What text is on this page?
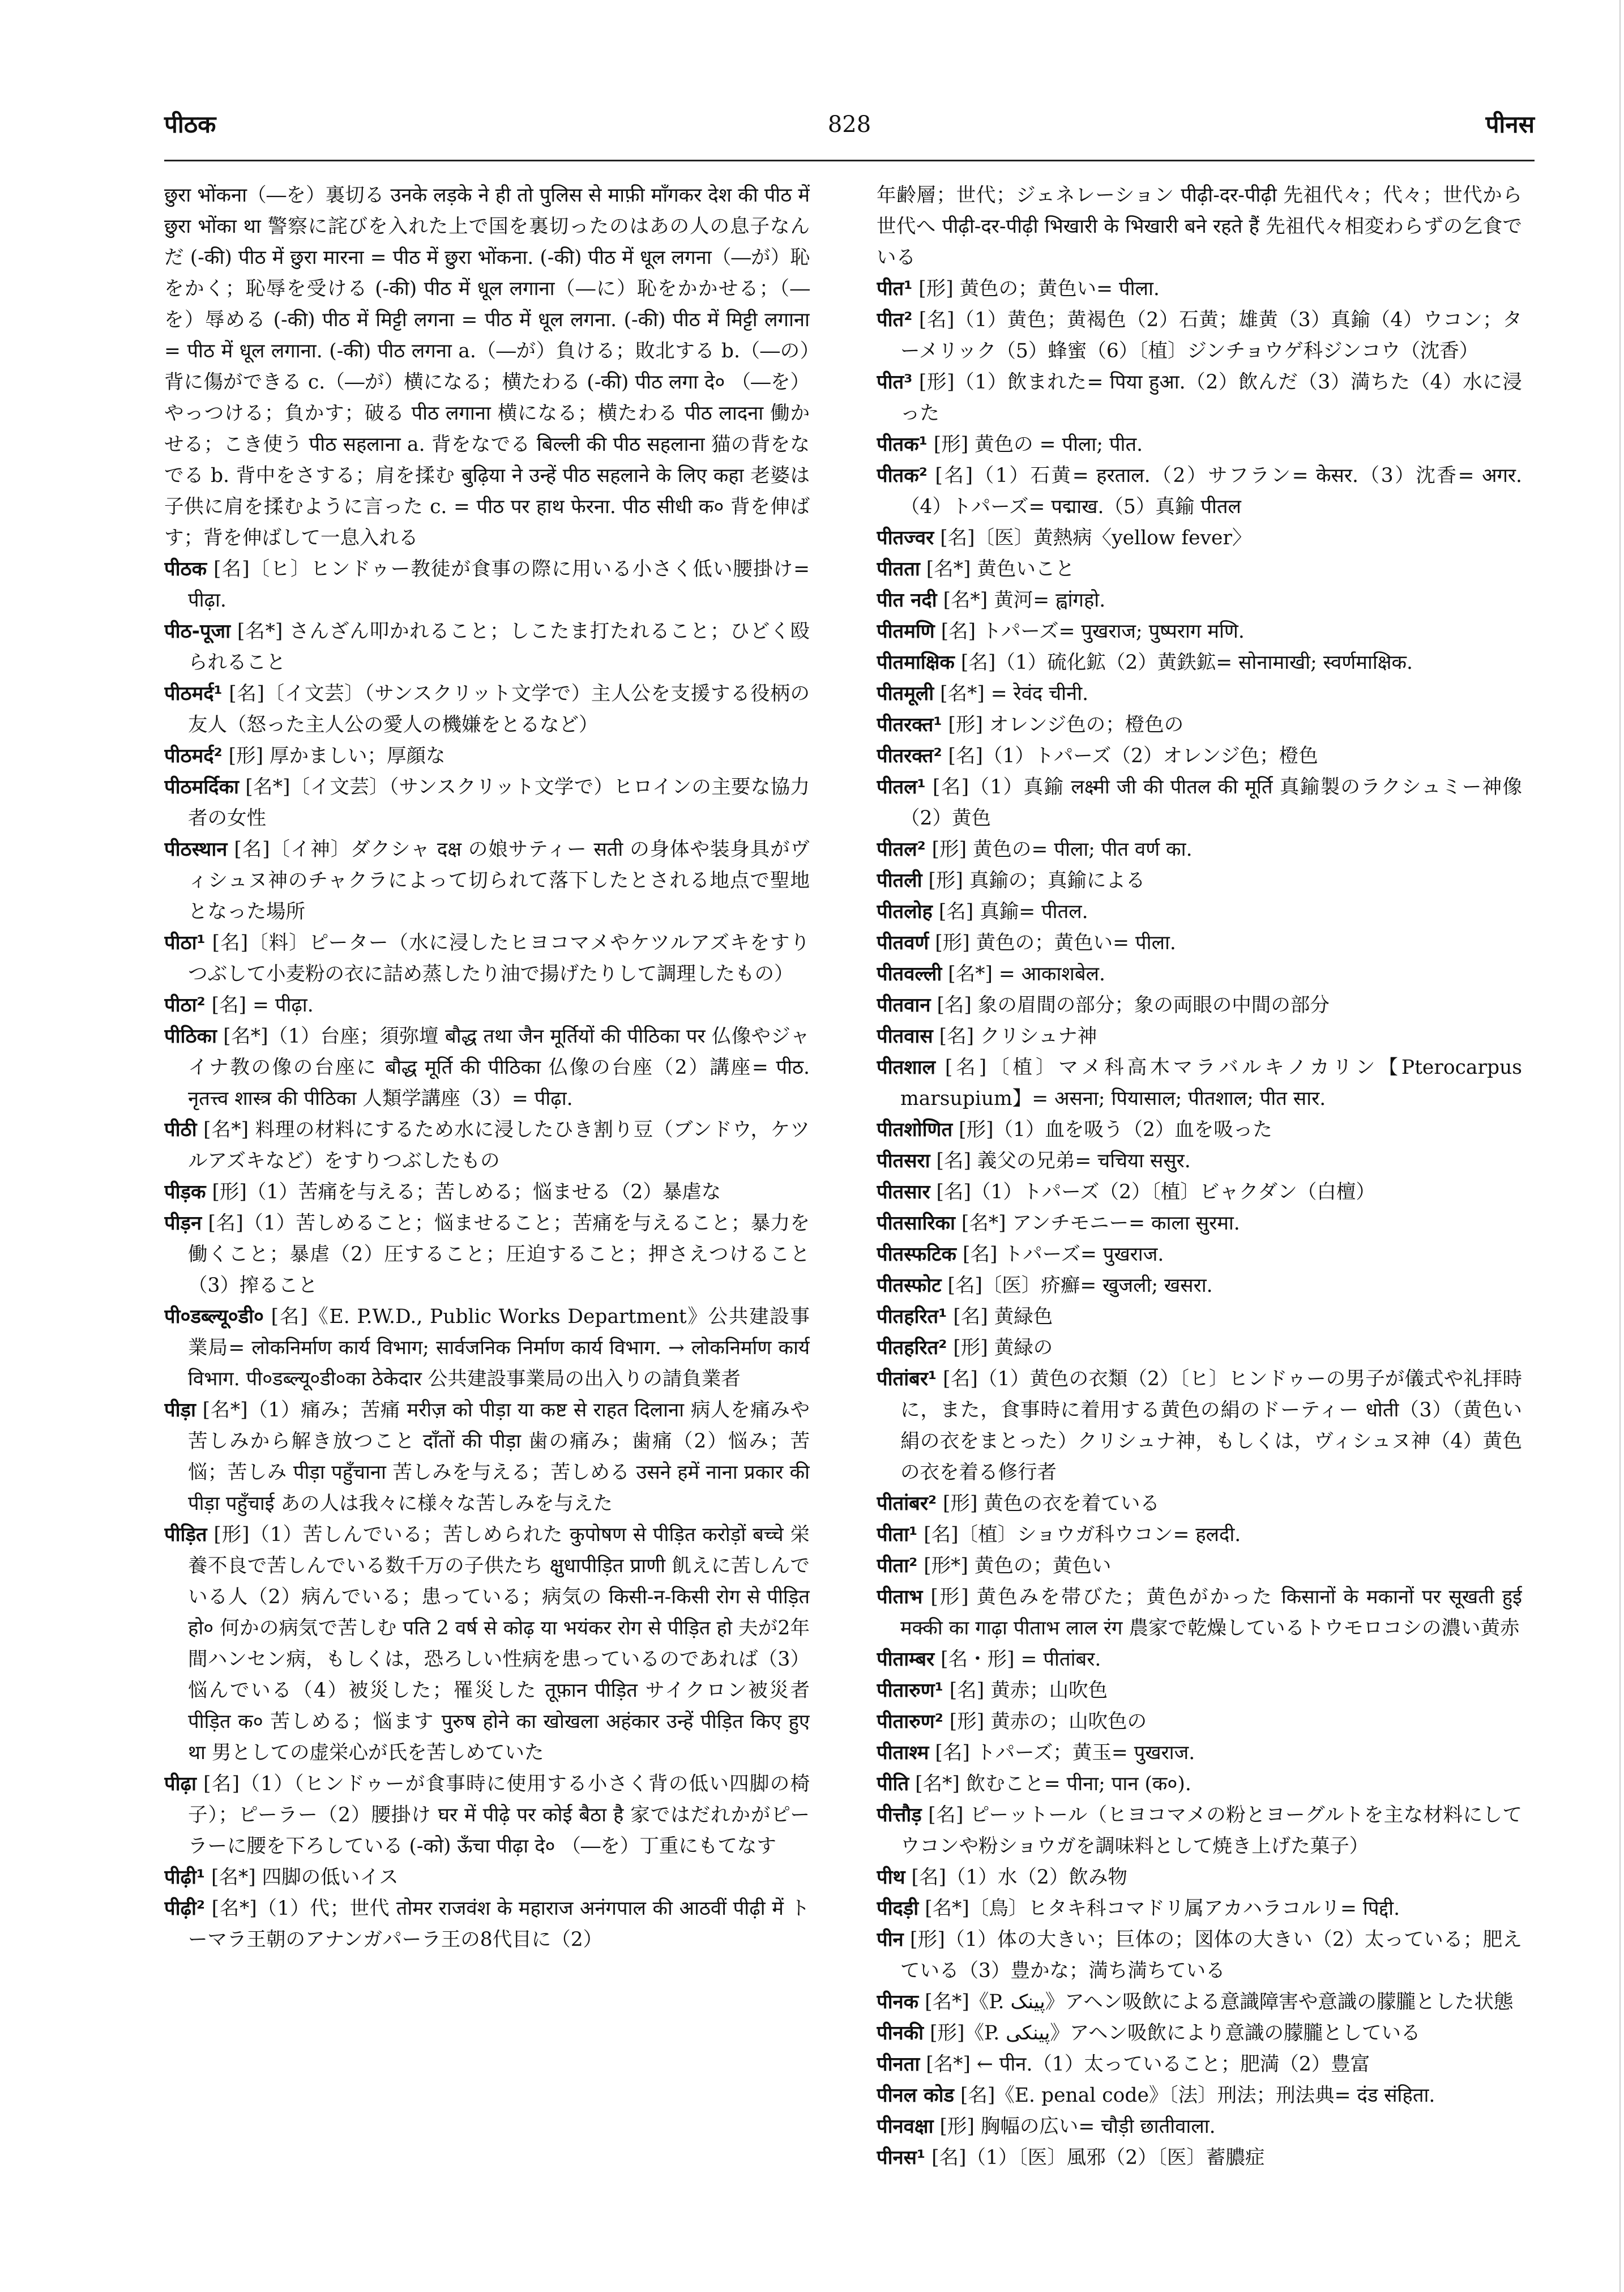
पीठक	828	पीनस

छुरा भोंकना（―を）裏切る उनके लड़के ने ही तो पुलिस से माफ़ी माँगकर देश की पीठ में छुरा भोंका था 警察に詫びを入れた上で国を裏切ったのはあの人の息子なんだ (-की) पीठ में छुरा मारना = पीठ में छुरा भोंकना. (-की) पीठ में धूल लगना（―が）恥をかく；恥辱を受ける (-की) पीठ में धूल लगाना（―に）恥をかかせる；（―を）辱める (-की) पीठ में मिट्टी लगना = पीठ में धूल लगना. (-की) पीठ में मिट्टी लगाना = पीठ में धूल लगाना. (-की) पीठ लगना a.（―が）負ける；敗北する b.（―の）背に傷ができる c.（―が）横になる；横たわる (-की) पीठ लगा दे० （―を）やっつける；負かす；破る पीठ लगाना 横になる；横たわる पीठ लादना 働かせる；こき使う पीठ सहलाना a. 背をなでる बिल्ली की पीठ सहलाना 猫の背をなでる b. 背中をさする；肩を揉む बुढ़िया ने उन्हें पीठ सहलाने के लिए कहा 老婆は子供に肩を揉むように言った c. = पीठ पर हाथ फेरना. पीठ सीधी क० 背を伸ばす；背を伸ばして一息入れる

पीठक [名]〔ヒ〕ヒンドゥー教徒が食事の際に用いる小さく低い腰掛け= पीढ़ा.

पीठ-पूजा [名*] さんざん叩かれること；しこたま打たれること；ひどく殴られること

पीठमर्द¹ [名]〔イ文芸〕（サンスクリット文学で）主人公を支援する役柄の友人（怒った主人公の愛人の機嫌をとるなど）

पीठमर्द² [形] 厚かましい；厚顔な

पीठमर्दिका [名*]〔イ文芸〕（サンスクリット文学で）ヒロインの主要な協力者の女性

पीठस्थान [名]〔イ神〕ダクシャ दक्ष の娘サティー सती の身体や装身具がヴィシュヌ神のチャクラによって切られて落下したとされる地点で聖地となった場所

पीठा¹ [名]〔料〕ピーター（水に浸したヒヨコマメやケツルアズキをすりつぶして小麦粉の衣に詰め蒸したり油で揚げたりして調理したもの）

पीठा² [名] = पीढ़ा.

पीठिका [名*]（1）台座；須弥壇 बौद्ध तथा जैन मूर्तियों की पीठिका पर 仏像やジャイナ教の像の台座に बौद्ध मूर्ति की पीठिका 仏像の台座（2）講座= पीठ. नृतत्त्व शास्त्र की पीठिका 人類学講座（3）= पीढ़ा.

पीठी [名*] 料理の材料にするため水に浸したひき割り豆（ブンドウ，ケツルアズキなど）をすりつぶしたもの

पीड़क [形]（1）苦痛を与える；苦しめる；悩ませる（2）暴虐な

पीड़न [名]（1）苦しめること；悩ませること；苦痛を与えること；暴力を働くこと；暴虐（2）圧すること；圧迫すること；押さえつけること（3）搾ること

पी०डब्ल्यू०डी० [名]《E. P.W.D., Public Works Department》公共建設事業局= लोकनिर्माण कार्य विभाग; सार्वजनिक निर्माण कार्य विभाग. → लोकनिर्माण कार्य विभाग. पी०डब्ल्यू०डी०का ठेकेदार 公共建設事業局の出入りの請負業者

पीड़ा [名*]（1）痛み；苦痛 मरीज़ को पीड़ा या कष्ट से राहत दिलाना 病人を痛みや苦しみから解き放つこと दाँतों की पीड़ा 歯の痛み；歯痛（2）悩み；苦悩；苦しみ पीड़ा पहुँचाना 苦しみを与える；苦しめる उसने हमें नाना प्रकार की पीड़ा पहुँचाई あの人は我々に様々な苦しみを与えた

पीड़ित [形]（1）苦しんでいる；苦しめられた कुपोषण से पीड़ित करोड़ों बच्चे 栄養不良で苦しんでいる数千万の子供たち क्षुधापीड़ित प्राणी 飢えに苦しんでいる人（2）病んでいる；患っている；病気の किसी-न-किसी रोग से पीड़ित हो० 何かの病気で苦しむ पति 2 वर्ष से कोढ़ या भयंकर रोग से पीड़ित हो 夫が2年間ハンセン病，もしくは，恐ろしい性病を患っているのであれば（3）悩んでいる（4）被災した；罹災した तूफ़ान पीड़ित サイクロン被災者 पीड़ित क० 苦しめる；悩ます पुरुष होने का खोखला अहंकार उन्हें पीड़ित किए हुए था 男としての虚栄心が氏を苦しめていた

पीढ़ा [名]（1）（ヒンドゥーが食事時に使用する小さく背の低い四脚の椅子）；ピーラー（2）腰掛け घर में पीढ़े पर कोई बैठा है 家ではだれかがピーラーに腰を下ろしている (-को) ऊँचा पीढ़ा दे० （―を）丁重にもてなす

पीढ़ी¹ [名*] 四脚の低いイス

पीढ़ी² [名*]（1）代；世代 तोमर राजवंश के महाराज अनंगपाल की आठवीं पीढ़ी में トーマラ王朝のアナンガパーラ王の8代目に（2）

年齢層；世代；ジェネレーション पीढ़ी-दर-पीढ़ी 先祖代々；代々；世代から世代へ पीढ़ी-दर-पीढ़ी भिखारी के भिखारी बने रहते हैं 先祖代々相変わらずの乞食でいる

पीत¹ [形] 黄色の；黄色い= पीला.

पीत² [名]（1）黄色；黄褐色（2）石黄；雄黄（3）真鍮（4）ウコン；ターメリック（5）蜂蜜（6）〔植〕ジンチョウゲ科ジンコウ（沈香）

पीत³ [形]（1）飲まれた= पिया हुआ.（2）飲んだ（3）満ちた（4）水に浸った

पीतक¹ [形] 黄色の = पीला; पीत.

पीतक² [名]（1）石黄= हरताल.（2）サフラン= केसर.（3）沈香= अगर.（4）トパーズ= पद्माख.（5）真鍮 पीतल

पीतज्वर [名]〔医〕黄熱病〈yellow fever〉

पीतता [名*] 黄色いこと

पीत नदी [名*] 黄河= ह्वांगहो.

पीतमणि [名] トパーズ= पुखराज; पुष्पराग मणि.

पीतमाक्षिक [名]（1）硫化鉱（2）黄鉄鉱= सोनामाखी; स्वर्णमाक्षिक.

पीतमूली [名*] = रेवंद चीनी.

पीतरक्त¹ [形] オレンジ色の；橙色の

पीतरक्त² [名]（1）トパーズ（2）オレンジ色；橙色

पीतल¹ [名]（1）真鍮 लक्ष्मी जी की पीतल की मूर्ति 真鍮製のラクシュミー神像（2）黄色

पीतल² [形] 黄色の= पीला; पीत वर्ण का.

पीतली [形] 真鍮の；真鍮による

पीतलोह [名] 真鍮= पीतल.

पीतवर्ण [形] 黄色の；黄色い= पीला.

पीतवल्ली [名*] = आकाशबेल.

पीतवान [名] 象の眉間の部分；象の両眼の中間の部分

पीतवास [名] クリシュナ神

पीतशाल [名]〔植〕マメ科高木マラバルキノカリン【Pterocarpus marsupium】= असना; पियासाल; पीतशाल; पीत सार.

पीतशोणित [形]（1）血を吸う（2）血を吸った

पीतसरा [名] 義父の兄弟= चचिया ससुर.

पीतसार [名]（1）トパーズ（2）〔植〕ビャクダン（白檀）

पीतसारिका [名*] アンチモニー= काला सुरमा.

पीतस्फटिक [名] トパーズ= पुखराज.

पीतस्फोट [名]〔医〕疥癬= खुजली; खसरा.

पीतहरित¹ [名] 黄緑色

पीतहरित² [形] 黄緑の

पीतांबर¹ [名]（1）黄色の衣類（2）〔ヒ〕ヒンドゥーの男子が儀式や礼拝時に，また，食事時に着用する黄色の絹のドーティー धोती（3）（黄色い絹の衣をまとった）クリシュナ神，もしくは，ヴィシュヌ神（4）黄色の衣を着る修行者

पीतांबर² [形] 黄色の衣を着ている

पीता¹ [名]〔植〕ショウガ科ウコン= हलदी.

पीता² [形*] 黄色の；黄色い

पीताभ [形] 黄色みを帯びた；黄色がかった किसानों के मकानों पर सूखती हुई मक्की का गाढ़ा पीताभ लाल रंग 農家で乾燥しているトウモロコシの濃い黄赤

पीताम्बर [名・形] = पीतांबर.

पीतारुण¹ [名] 黄赤；山吹色

पीतारुण² [形] 黄赤の；山吹色の

पीताश्म [名] トパーズ；黄玉= पुखराज.

पीति [名*] 飲むこと= पीना; पान (क०).

पीत्तौड़ [名] ピーットール（ヒヨコマメの粉とヨーグルトを主な材料にしてウコンや粉ショウガを調味料として焼き上げた菓子）

पीथ [名]（1）水（2）飲み物

पीदड़ी [名*]〔鳥〕ヒタキ科コマドリ属アカハラコルリ= पिद्दी.

पीन [形]（1）体の大きい；巨体の；図体の大きい（2）太っている；肥えている（3）豊かな；満ち満ちている

पीनक [名*]《P. پینک》アヘン吸飲による意識障害や意識の朦朧とした状態

पीनकी [形]《P. پینکی》アヘン吸飲により意識の朦朧としている

पीनता [名*] ← पीन.（1）太っていること；肥満（2）豊富

पीनल कोड [名]《E. penal code》〔法〕刑法；刑法典= दंड संहिता.

पीनवक्षा [形] 胸幅の広い= चौड़ी छातीवाला.

पीनस¹ [名]（1）〔医〕風邪（2）〔医〕蓄膿症
